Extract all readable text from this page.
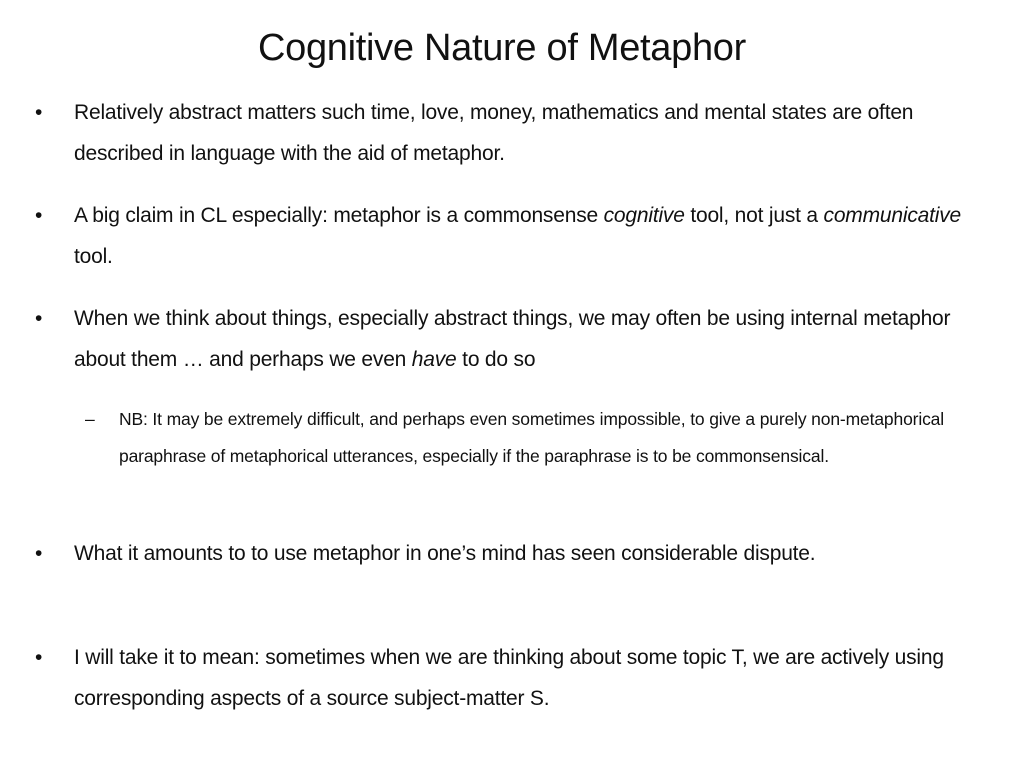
Cognitive Nature of Metaphor
• Relatively abstract matters such time, love, money, mathematics and mental states are often described in language with the aid of metaphor.
• A big claim in CL especially: metaphor is a commonsense cognitive tool, not just a communicative tool.
• When we think about things, especially abstract things, we may often be using internal metaphor about them … and perhaps we even have to do so
– NB: It may be extremely difficult, and perhaps even sometimes impossible, to give a purely non-metaphorical paraphrase of metaphorical utterances, especially if the paraphrase is to be commonsensical.
• What it amounts to to use metaphor in one’s mind has seen considerable dispute.
• I will take it to mean: sometimes when we are thinking about some topic T, we are actively using corresponding aspects of a source subject-matter S.
